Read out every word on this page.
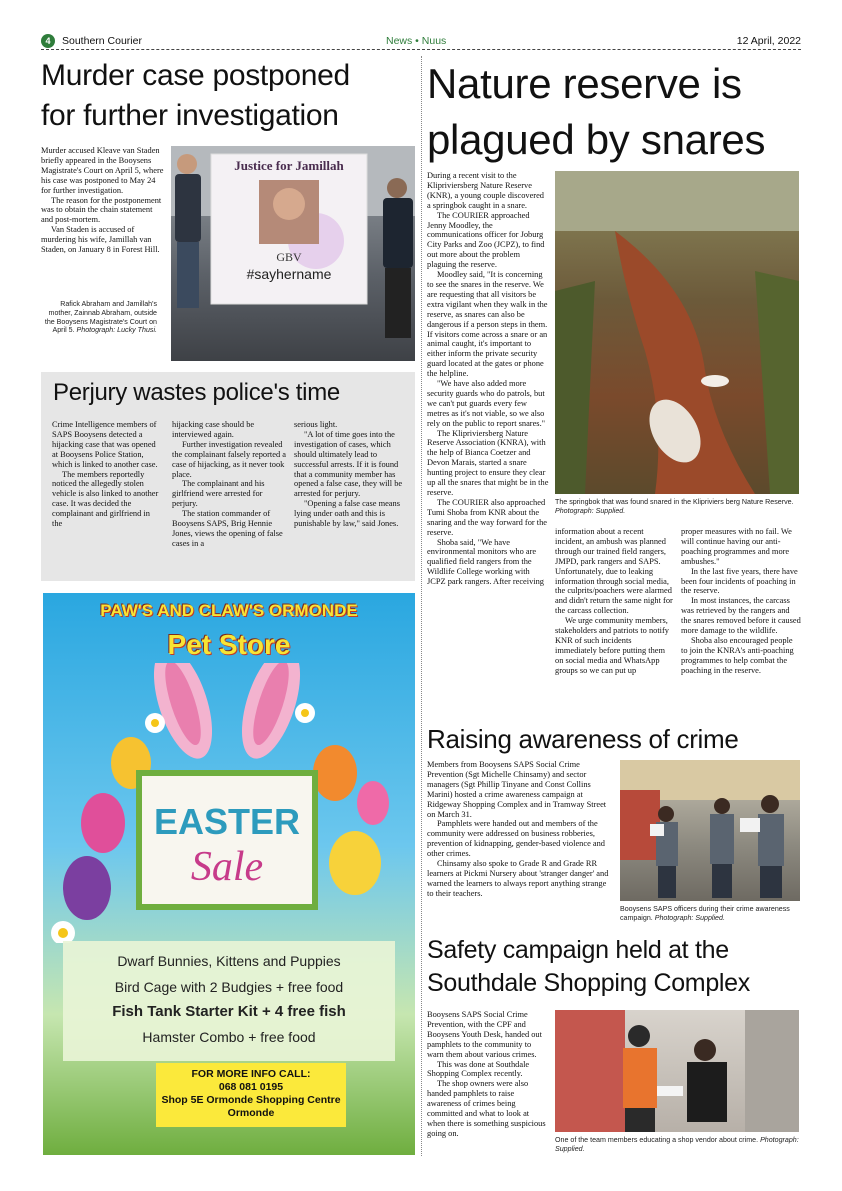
4	Southern Courier	News • Nuus	12 April, 2022
Murder case postponed
for further investigation

Murder accused Kleave van Staden briefly appeared in the Booysens Magistrate's Court on April 5, where his case was postponed to May 24 for further investigation.

The reason for the postponement was to obtain the chain statement and post-mortem.

Van Staden is accused of murdering his wife, Jamillah van Staden, on January 8 in Forest Hill.

Rafick Abraham and Jamillah's mother, Zainnab Abraham, outside the Booysens Magistrate's Court on April 5. Photograph: Lucky Thusi.
Justice for Jamillah
GBV
#sayhername
Perjury wastes police's time

Crime Intelligence members of SAPS Booysens detected a hijacking case that was opened at Booysens Police Station, which is linked to another case.

The members reportedly noticed the allegedly stolen vehicle is also linked to another case. It was decided the complainant and girlfriend in the

hijacking case should be interviewed again.

Further investigation revealed the complainant falsely reported a case of hijacking, as it never took place.

The complainant and his girlfriend were arrested for perjury.

The station commander of Booysens SAPS, Brig Hennie Jones, views the opening of false cases in a

serious light.

"A lot of time goes into the investigation of cases, which should ultimately lead to successful arrests. If it is found that a community member has opened a false case, they will be arrested for perjury.

"Opening a false case means lying under oath and this is punishable by law," said Jones.

PAW'S AND CLAW'S ORMONDE
Pet Store
EASTER
Sale
Dwarf Bunnies, Kittens and Puppies
Bird Cage with 2 Budgies + free food
Fish Tank Starter Kit + 4 free fish
Hamster Combo + free food
FOR MORE INFO CALL:
068 081 0195
Shop 5E Ormonde Shopping Centre
Ormonde
Nature reserve is
plagued by snares

During a recent visit to the Klipriviersberg Nature Reserve (KNR), a young couple discovered a springbok caught in a snare.

The COURIER approached Jenny Moodley, the communications officer for Joburg City Parks and Zoo (JCPZ), to find out more about the problem plaguing the reserve.

Moodley said, "It is concerning to see the snares in the reserve. We are requesting that all visitors be extra vigilant when they walk in the reserve, as snares can also be dangerous if a person steps in them. If visitors come across a snare or an animal caught, it's important to either inform the private security guard located at the gates or phone the helpline.

"We have also added more security guards who do patrols, but we can't put guards every few metres as it's not viable, so we also rely on the public to report snares."

The Klipriviersberg Nature Reserve Association (KNRA), with the help of Bianca Coetzer and Devon Marais, started a snare hunting project to ensure they clear up all the snares that might be in the reserve.

The COURIER also approached Tumi Shoba from KNR about the snaring and the way forward for the reserve.

Shoba said, "We have environmental monitors who are qualified field rangers from the Wildlife College working with JCPZ park rangers. After receiving

The springbok that was found snared in the Klipriviers berg Nature Reserve. Photograph: Supplied.

information about a recent incident, an ambush was planned through our trained field rangers, JMPD, park rangers and SAPS. Unfortunately, due to leaking information through social media, the culprits/poachers were alarmed and didn't return the same night for the carcass collection.

We urge community members, stakeholders and patriots to notify KNR of such incidents immediately before putting them on social media and WhatsApp groups so we can put up

proper measures with no fail. We will continue having our anti-poaching programmes and more ambushes."

In the last five years, there have been four incidents of poaching in the reserve.

In most instances, the carcass was retrieved by the rangers and the snares removed before it caused more damage to the wildlife.

Shoba also encouraged people to join the KNRA's anti-poaching programmes to help combat the poaching in the reserve.

Raising awareness of crime

Members from Booysens SAPS Social Crime Prevention (Sgt Michelle Chinsamy) and sector managers (Sgt Phillip Tinyane and Const Collins Marini) hosted a crime awareness campaign at Ridgeway Shopping Complex and in Tramway Street on March 31.

Pamphlets were handed out and members of the community were addressed on business robberies, prevention of kidnapping, gender-based violence and other crimes.

Chinsamy also spoke to Grade R and Grade RR learners at Pickmi Nursery about 'stranger danger' and warned the learners to always report anything strange to their teachers.

Booysens SAPS officers during their crime awareness campaign. Photograph: Supplied.
Safety campaign held at the
Southdale Shopping Complex

Booysens SAPS Social Crime Prevention, with the CPF and Booysens Youth Desk, handed out pamphlets to the community to warn them about various crimes.

This was done at Southdale Shopping Complex recently.

The shop owners were also handed pamphlets to raise awareness of crimes being committed and what to look at when there is something suspicious going on.

One of the team members educating a shop vendor about crime. Photograph: Supplied.
